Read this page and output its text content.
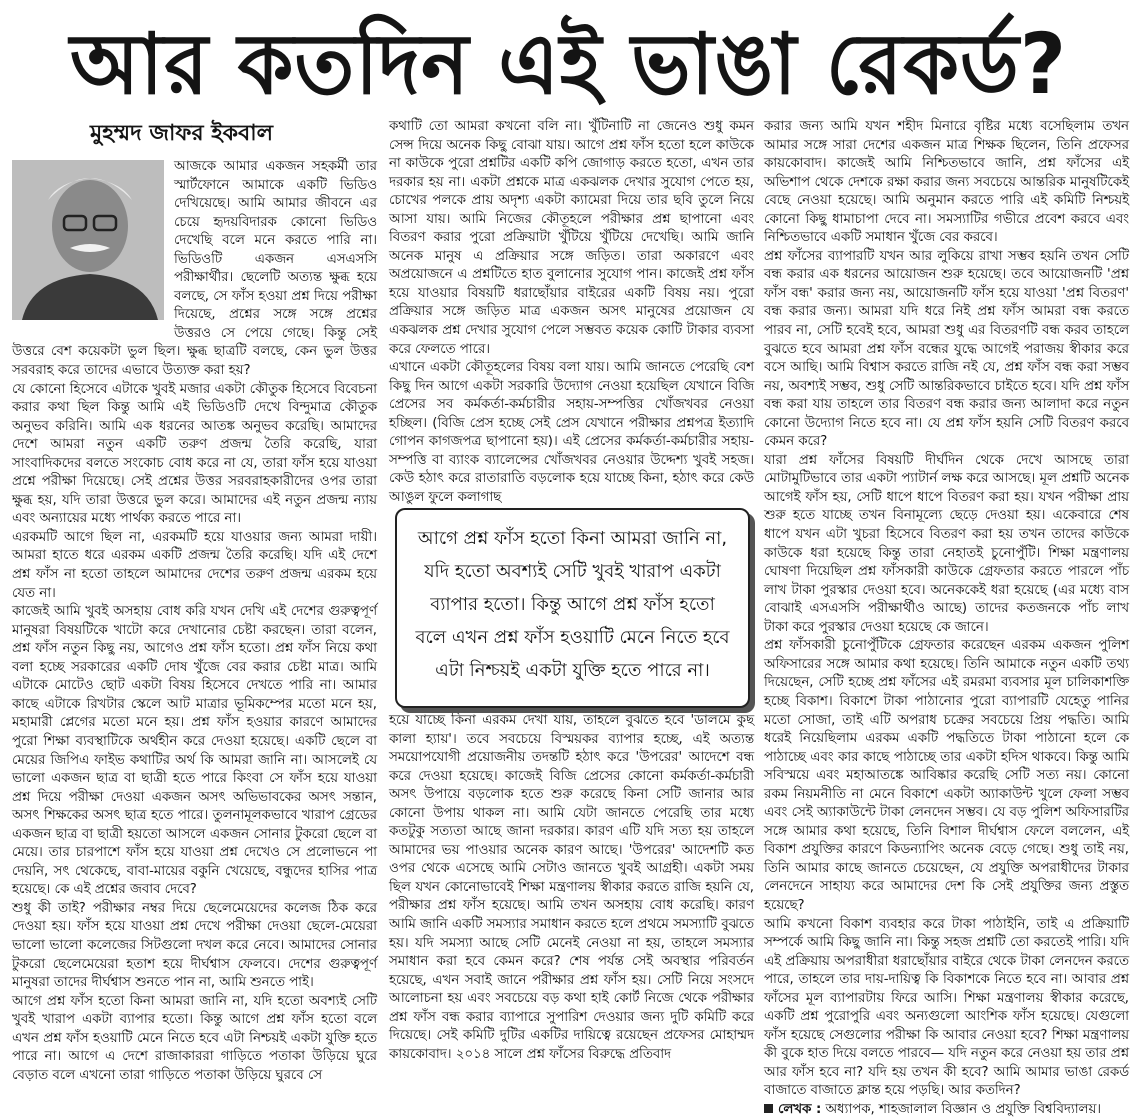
আর কতদিন এই ভাঙা রেকর্ড?
মুহম্মদ জাফর ইকবাল

আজকে আমার একজন সহকর্মী তার স্মার্টফোনে আমাকে একটি ভিডিও দেখিয়েছে। আমি আমার জীবনে এর চেয়ে হৃদয়বিদারক কোনো ভিডিও দেখেছি বলে মনে করতে পারি না। ভিডিওটি একজন এসএসসি পরীক্ষার্থীর। ছেলেটি অত্যন্ত ক্ষুব্ধ হয়ে বলছে, সে ফাঁস হওয়া প্রশ্ন দিয়ে পরীক্ষা দিয়েছে, প্রশ্নের সঙ্গে সঙ্গে প্রশ্নের উত্তরও সে পেয়ে গেছে। কিন্তু সেই উত্তরে বেশ কয়েকটা ভুল ছিল। ক্ষুব্ধ ছাত্রটি বলছে, কেন ভুল উত্তর সরবরাহ করে তাদের এভাবে উত্যক্ত করা হয়?

যে কোনো হিসেবে এটাকে খুবই মজার একটা কৌতুক হিসেবে বিবেচনা করার কথা ছিল কিন্তু আমি এই ভিডিওটি দেখে বিন্দুমাত্র কৌতুক অনুভব করিনি। আমি এক ধরনের আতঙ্ক অনুভব করেছি। আমাদের দেশে আমরা নতুন একটি তরুণ প্রজন্ম তৈরি করেছি, যারা সাংবাদিকদের বলতে সংকোচ বোধ করে না যে, তারা ফাঁস হয়ে যাওয়া প্রশ্নে পরীক্ষা দিয়েছে। সেই প্রশ্নের উত্তর সরবরাহকারীদের ওপর তারা ক্ষুব্ধ হয়, যদি তারা উত্তরে ভুল করে। আমাদের এই নতুন প্রজন্ম ন্যায় এবং অন্যায়ের মধ্যে পার্থক্য করতে পারে না।

এরকমটি আগে ছিল না, এরকমটি হয়ে যাওয়ার জন্য আমরা দায়ী। আমরা হাতে ধরে এরকম একটি প্রজন্ম তৈরি করেছি। যদি এই দেশে প্রশ্ন ফাঁস না হতো তাহলে আমাদের দেশের তরুণ প্রজন্ম এরকম হয়ে যেত না।

কাজেই আমি খুবই অসহায় বোধ করি যখন দেখি এই দেশের গুরুত্বপূর্ণ মানুষরা বিষয়টিকে খাটো করে দেখানোর চেষ্টা করছেন। তারা বলেন, প্রশ্ন ফাঁস নতুন কিছু নয়, আগেও প্রশ্ন ফাঁস হতো। প্রশ্ন ফাঁস নিয়ে কথা বলা হচ্ছে সরকারের একটি দোষ খুঁজে বের করার চেষ্টা মাত্র। আমি এটাকে মোটেও ছোট একটা বিষয় হিসেবে দেখতে পারি না। আমার কাছে এটাকে রিখটার স্কেলে আট মাত্রার ভূমিকম্পের মতো মনে হয়, মহামারী প্লেগের মতো মনে হয়। প্রশ্ন ফাঁস হওয়ার কারণে আমাদের পুরো শিক্ষা ব্যবস্থাটিকে অর্থহীন করে দেওয়া হয়েছে। একটি ছেলে বা মেয়ের জিপিএ ফাইভ কথাটির অর্থ কি আমরা জানি না। আসলেই যে ভালো একজন ছাত্র বা ছাত্রী হতে পারে কিংবা সে ফাঁস হয়ে যাওয়া প্রশ্ন দিয়ে পরীক্ষা দেওয়া একজন অসৎ অভিভাবকের অসৎ সন্তান, অসৎ শিক্ষকের অসৎ ছাত্র হতে পারে। তুলনামূলকভাবে খারাপ গ্রেডের একজন ছাত্র বা ছাত্রী হয়তো আসলে একজন সোনার টুকরো ছেলে বা মেয়ে। তার চারপাশে ফাঁস হয়ে যাওয়া প্রশ্ন দেখেও সে প্রলোভনে পা দেয়নি, সৎ থেকেছে, বাবা-মায়ের বকুনি খেয়েছে, বন্ধুদের হাসির পাত্র হয়েছে। কে এই প্রশ্নের জবাব দেবে?

শুধু কী তাই? পরীক্ষার নম্বর দিয়ে ছেলেমেয়েদের কলেজ ঠিক করে দেওয়া হয়। ফাঁস হয়ে যাওয়া প্রশ্ন দেখে পরীক্ষা দেওয়া ছেলে-মেয়েরা ভালো ভালো কলেজের সিটগুলো দখল করে নেবে। আমাদের সোনার টুকরো ছেলেমেয়েরা হতাশ হয়ে দীর্ঘশ্বাস ফেলবে। দেশের গুরুত্বপূর্ণ মানুষরা তাদের দীর্ঘশ্বাস শুনতে পান না, আমি শুনতে পাই।

আগে প্রশ্ন ফাঁস হতো কিনা আমরা জানি না, যদি হতো অবশ্যই সেটি খুবই খারাপ একটা ব্যাপার হতো। কিন্তু আগে প্রশ্ন ফাঁস হতো বলে এখন প্রশ্ন ফাঁস হওয়াটি মেনে নিতে হবে এটা নিশ্চয়ই একটা যুক্তি হতে পারে না। আগে এ দেশে রাজাকাররা গাড়িতে পতাকা উড়িয়ে ঘুরে বেড়াত বলে এখনো তারা গাড়িতে পতাকা উড়িয়ে ঘুরবে সে

কথাটি তো আমরা কখনো বলি না। খুঁটিনাটি না জেনেও শুধু কমন সেন্স দিয়ে অনেক কিছু বোঝা যায়। আগে প্রশ্ন ফাঁস হতো হলে কাউকে না কাউকে পুরো প্রশ্নটির একটি কপি জোগাড় করতে হতো, এখন তার দরকার হয় না। একটা প্রশ্নকে মাত্র একঝলক দেখার সুযোগ পেতে হয়, চোখের পলকে প্রায় অদৃশ্য একটা ক্যামেরা দিয়ে তার ছবি তুলে নিয়ে আসা যায়। আমি নিজের কৌতূহলে পরীক্ষার প্রশ্ন ছাপানো এবং বিতরণ করার পুরো প্রক্রিয়াটা খুঁটিয়ে খুঁটিয়ে দেখেছি। আমি জানি অনেক মানুষ এ প্রক্রিয়ার সঙ্গে জড়িত। তারা অকারণে এবং অপ্রয়োজনে এ প্রশ্নটিতে হাত বুলানোর সুযোগ পান। কাজেই প্রশ্ন ফাঁস হয়ে যাওয়ার বিষয়টি ধরাছোঁয়ার বাইরের একটি বিষয় নয়। পুরো প্রক্রিয়ার সঙ্গে জড়িত মাত্র একজন অসৎ মানুষের প্রয়োজন যে একঝলক প্রশ্ন দেখার সুযোগ পেলে সম্ভবত কয়েক কোটি টাকার ব্যবসা করে ফেলতে পারে।

এখানে একটা কৌতূহলের বিষয় বলা যায়। আমি জানতে পেরেছি বেশ কিছু দিন আগে একটা সরকারি উদ্যোগ নেওয়া হয়েছিল যেখানে বিজি প্রেসের সব কর্মকর্তা-কর্মচারীর সহায়-সম্পত্তির খোঁজখবর নেওয়া হচ্ছিল। (বিজি প্রেস হচ্ছে সেই প্রেস যেখানে পরীক্ষার প্রশ্নপত্র ইত্যাদি গোপন কাগজপত্র ছাপানো হয়)। এই প্রেসের কর্মকর্তা-কর্মচারীর সহায়-সম্পত্তি বা ব্যাংক ব্যালেন্সের খোঁজখবর নেওয়ার উদ্দেশ্য খুবই সহজ। কেউ হঠাৎ করে রাতারাতি বড়লোক হয়ে যাচ্ছে কিনা, হঠাৎ করে কেউ আঙুল ফুলে কলাগাছ

হয়ে যাচ্ছে কিনা এরকম দেখা যায়, তাহলে বুঝতে হবে 'ডালমে কুছ কালা হ্যায়'। তবে সবচেয়ে বিস্ময়কর ব্যাপার হচ্ছে, এই অত্যন্ত সময়োপযোগী প্রয়োজনীয় তদন্তটি হঠাৎ করে 'উপরের' আদেশে বন্ধ করে দেওয়া হয়েছে। কাজেই বিজি প্রেসের কোনো কর্মকর্তা-কর্মচারী অসৎ উপায়ে বড়লোক হতে শুরু করেছে কিনা সেটি জানার আর কোনো উপায় থাকল না। আমি যেটা জানতে পেরেছি তার মধ্যে কতটুকু সত্যতা আছে জানা দরকার। কারণ এটি যদি সত্য হয় তাহলে আমাদের ভয় পাওয়ার অনেক কারণ আছে। 'উপরের' আদেশটি কত ওপর থেকে এসেছে আমি সেটাও জানতে খুবই আগ্রহী। একটা সময় ছিল যখন কোনোভাবেই শিক্ষা মন্ত্রণালয় স্বীকার করতে রাজি হয়নি যে, পরীক্ষার প্রশ্ন ফাঁস হয়েছে। আমি তখন অসহায় বোধ করেছি। কারণ আমি জানি একটি সমস্যার সমাধান করতে হলে প্রথমে সমস্যাটি বুঝতে হয়। যদি সমস্যা আছে সেটি মেনেই নেওয়া না হয়, তাহলে সমস্যার সমাধান করা হবে কেমন করে? শেষ পর্যন্ত সেই অবস্থার পরিবর্তন হয়েছে, এখন সবাই জানে পরীক্ষার প্রশ্ন ফাঁস হয়। সেটি নিয়ে সংসদে আলোচনা হয় এবং সবচেয়ে বড় কথা হাই কোর্ট নিজে থেকে পরীক্ষার প্রশ্ন ফাঁস বন্ধ করার ব্যাপারে সুপারিশ দেওয়ার জন্য দুটি কমিটি করে দিয়েছে। সেই কমিটি দুটির একটির দায়িত্বে রয়েছেন প্রফেসর মোহাম্মদ কায়কোবাদ। ২০১৪ সালে প্রশ্ন ফাঁসের বিরুদ্ধে প্রতিবাদ

আগে প্রশ্ন ফাঁস হতো কিনা আমরা জানি না, যদি হতো অবশ্যই সেটি খুবই খারাপ একটা ব্যাপার হতো। কিন্তু আগে প্রশ্ন ফাঁস হতো বলে এখন প্রশ্ন ফাঁস হওয়াটি মেনে নিতে হবে এটা নিশ্চয়ই একটা যুক্তি হতে পারে না।

করার জন্য আমি যখন শহীদ মিনারে বৃষ্টির মধ্যে বসেছিলাম তখন আমার সঙ্গে সারা দেশের একজন মাত্র শিক্ষক ছিলেন, তিনি প্রফেসর কায়কোবাদ। কাজেই আমি নিশ্চিতভাবে জানি, প্রশ্ন ফাঁসের এই অভিশাপ থেকে দেশকে রক্ষা করার জন্য সবচেয়ে আন্তরিক মানুষটিকেই বেছে নেওয়া হয়েছে। আমি অনুমান করতে পারি এই কমিটি নিশ্চয়ই কোনো কিছু ধামাচাপা দেবে না। সমস্যাটির গভীরে প্রবেশ করবে এবং নিশ্চিতভাবে একটি সমাধান খুঁজে বের করবে।

প্রশ্ন ফাঁসের ব্যাপারটি যখন আর লুকিয়ে রাখা সম্ভব হয়নি তখন সেটি বন্ধ করার এক ধরনের আয়োজন শুরু হয়েছে। তবে আয়োজনটি 'প্রশ্ন ফাঁস বন্ধ' করার জন্য নয়, আয়োজনটি ফাঁস হয়ে যাওয়া 'প্রশ্ন বিতরণ' বন্ধ করার জন্য। আমরা যদি ধরে নিই প্রশ্ন ফাঁস আমরা বন্ধ করতে পারব না, সেটি হবেই হবে, আমরা শুধু এর বিতরণটি বন্ধ করব তাহলে বুঝতে হবে আমরা প্রশ্ন ফাঁস বন্ধের যুদ্ধে আগেই পরাজয় স্বীকার করে বসে আছি। আমি বিশ্বাস করতে রাজি নই যে, প্রশ্ন ফাঁস বন্ধ করা সম্ভব নয়, অবশ্যই সম্ভব, শুধু সেটি আন্তরিকভাবে চাইতে হবে। যদি প্রশ্ন ফাঁস বন্ধ করা যায় তাহলে তার বিতরণ বন্ধ করার জন্য আলাদা করে নতুন কোনো উদ্যোগ নিতে হবে না। যে প্রশ্ন ফাঁস হয়নি সেটি বিতরণ করবে কেমন করে?

যারা প্রশ্ন ফাঁসের বিষয়টি দীর্ঘদিন থেকে দেখে আসছে তারা মোটামুটিভাবে তার একটা প্যাটার্ন লক্ষ করে আসছে। মূল প্রশ্নটি অনেক আগেই ফাঁস হয়, সেটি ধাপে ধাপে বিতরণ করা হয়। যখন পরীক্ষা প্রায় শুরু হতে যাচ্ছে তখন বিনামূল্যে ছেড়ে দেওয়া হয়। একেবারে শেষ ধাপে যখন এটা খুচরা হিসেবে বিতরণ করা হয় তখন তাদের কাউকে কাউকে ধরা হয়েছে কিন্তু তারা নেহাতই চুনোপুঁটি। শিক্ষা মন্ত্রণালয় ঘোষণা দিয়েছিল প্রশ্ন ফাঁসকারী কাউকে গ্রেফতার করতে পারলে পাঁচ লাখ টাকা পুরস্কার দেওয়া হবে। অনেককেই ধরা হয়েছে (এর মধ্যে বাস বোঝাই এসএসসি পরীক্ষার্থীও আছে) তাদের কতজনকে পাঁচ লাখ টাকা করে পুরস্কার দেওয়া হয়েছে কে জানে।

প্রশ্ন ফাঁসকারী চুনোপুঁটিকে গ্রেফতার করেছেন এরকম একজন পুলিশ অফিসারের সঙ্গে আমার কথা হয়েছে। তিনি আমাকে নতুন একটি তথ্য দিয়েছেন, সেটি হচ্ছে প্রশ্ন ফাঁসের এই রমরমা ব্যবসার মূল চালিকাশক্তি হচ্ছে বিকাশ। বিকাশে টাকা পাঠানোর পুরো ব্যাপারটি যেহেতু পানির মতো সোজা, তাই এটি অপরাধ চক্রের সবচেয়ে প্রিয় পদ্ধতি। আমি ধরেই নিয়েছিলাম এরকম একটি পদ্ধতিতে টাকা পাঠানো হলে কে পাঠাচ্ছে এবং কার কাছে পাঠাচ্ছে তার একটা হদিস থাকবে। কিন্তু আমি সবিস্ময়ে এবং মহাআতঙ্কে আবিষ্কার করেছি সেটি সত্য নয়। কোনো রকম নিয়মনীতি না মেনে বিকাশে একটা অ্যাকাউন্ট খুলে ফেলা সম্ভব এবং সেই অ্যাকাউন্টে টাকা লেনদেন সম্ভব। যে বড় পুলিশ অফিসারটির সঙ্গে আমার কথা হয়েছে, তিনি বিশাল দীর্ঘশ্বাস ফেলে বললেন, এই বিকাশ প্রযুক্তির কারণে কিডন্যাপিং অনেক বেড়ে গেছে। শুধু তাই নয়, তিনি আমার কাছে জানতে চেয়েছেন, যে প্রযুক্তি অপরাধীদের টাকার লেনদেনে সাহায্য করে আমাদের দেশ কি সেই প্রযুক্তির জন্য প্রস্তুত হয়েছে?

আমি কখনো বিকাশ ব্যবহার করে টাকা পাঠাইনি, তাই এ প্রক্রিয়াটি সম্পর্কে আমি কিছু জানি না। কিন্তু সহজ প্রশ্নটি তো করতেই পারি। যদি এই প্রক্রিয়ায় অপরাধীরা ধরাছোঁয়ার বাইরে থেকে টাকা লেনদেন করতে পারে, তাহলে তার দায়-দায়িত্ব কি বিকাশকে নিতে হবে না। আবার প্রশ্ন ফাঁসের মূল ব্যাপারটায় ফিরে আসি। শিক্ষা মন্ত্রণালয় স্বীকার করেছে, একটি প্রশ্ন পুরোপুরি এবং অন্যগুলো আংশিক ফাঁস হয়েছে। যেগুলো ফাঁস হয়েছে সেগুলোর পরীক্ষা কি আবার নেওয়া হবে? শিক্ষা মন্ত্রণালয় কী বুকে হাত দিয়ে বলতে পারবে— যদি নতুন করে নেওয়া হয় তার প্রশ্ন আর ফাঁস হবে না? যদি হয় তখন কী হবে? আমি আমার ভাঙা রেকর্ড বাজাতে বাজাতে ক্লান্ত হয়ে পড়ছি। আর কতদিন?

লেখক : অধ্যাপক, শাহজালাল বিজ্ঞান ও প্রযুক্তি বিশ্ববিদ্যালয়।
